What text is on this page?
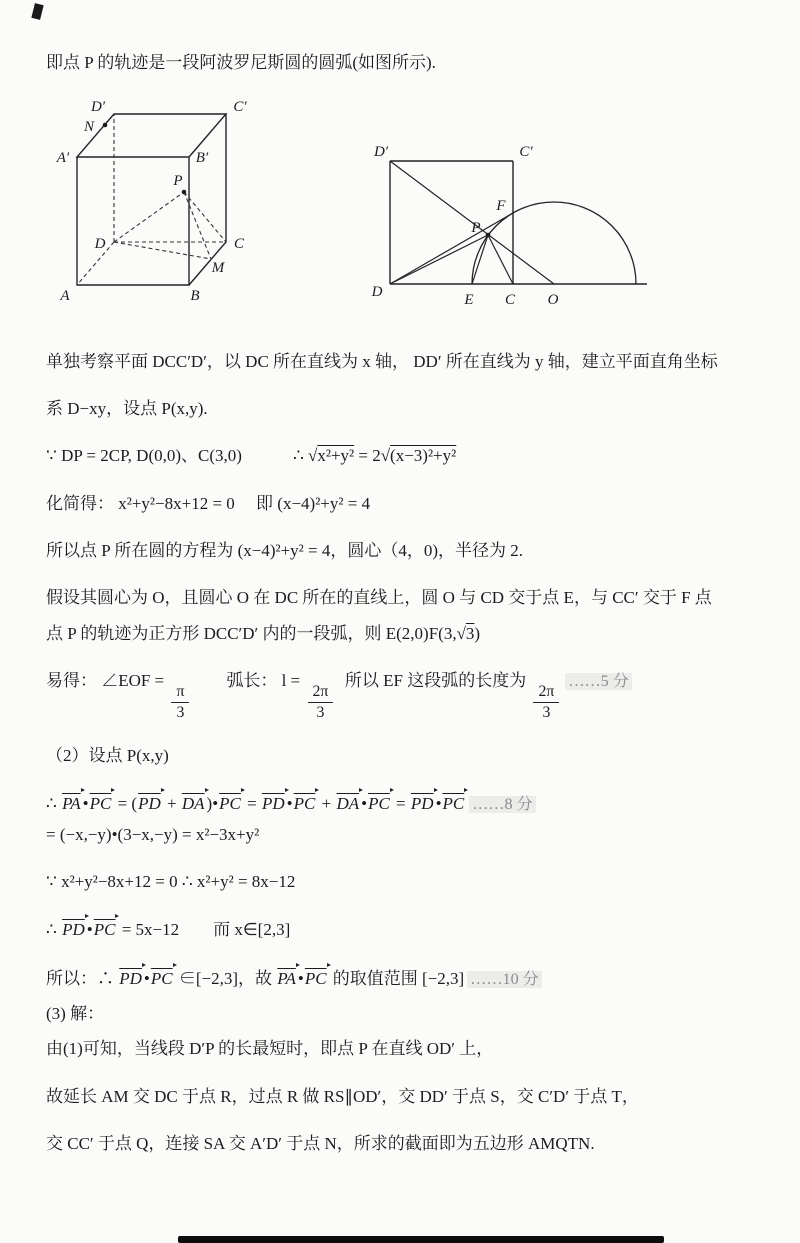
即点 P 的轨迹是一段阿波罗尼斯圆的圆弧(如图所示).

D′	C′
N
A′	B′
P
D	C
M
A	B
D′	C′
F
P
D	E C O

单独考察平面 DCC′D′，以 DC 所在直线为 x 轴， DD′ 所在直线为 y 轴，建立平面直角坐标

系 D−xy，设点 P(x,y).

∵ DP = 2CP, D(0,0)、C(3,0)   ∴ √x²+y² = 2√(x−3)²+y²

化简得： x²+y²−8x+12 = 0  即 (x−4)²+y² = 4

所以点 P 所在圆的方程为 (x−4)²+y² = 4，圆心（4，0)，半径为 2.

假设其圆心为 O，且圆心 O 在 DC 所在的直线上，圆 O 与 CD 交于点 E，与 CC′ 交于 F 点

点 P 的轨迹为正方形 DCC′D′ 内的一段弧，则 E(2,0)F(3,√3)

易得： ∠EOF =
$\frac{\pi}{3}$
  弧长： l =
$\frac{2\pi}{3}$
 所以 EF 这段弧的长度为
$\frac{2\pi}{3}$
……5 分

（2）设点 P(x,y)

∴ $\overline{PA}$ $•\overline{PC} = (\overline{PD} + \overline{DA}$ )$•\overline{PC} = \overline{PD}$ $•\overline{PC} + \overline{DA}$ $•\overline{PC} = \overline{PD}$ $•\overline{PC}$ ……8 分

= (−x,−y)•(3−x,−y) = x²−3x+y²

∵ x²+y²−8x+12 = 0 ∴ x²+y² = 8x−12

∴ $\overline{PD}$ $•\overline{PC} = 5x-12$  而 x∈[2,3]

所以：∴ $\overline{PD}$ $•\overline{PC}$ ∈[−2,3]，故 $\overline{PA}$ $•\overline{PC}$ 的取值范围 [−2,3] ……10 分

(3) 解：

由(1)可知，当线段 D′P 的长最短时，即点 P 在直线 OD′ 上，

故延长 AM 交 DC 于点 R，过点 R 做 RS∥OD′，交 DD′ 于点 S，交 C′D′ 于点 T，

交 CC′ 于点 Q，连接 SA 交 A′D′ 于点 N，所求的截面即为五边形 AMQTN.
